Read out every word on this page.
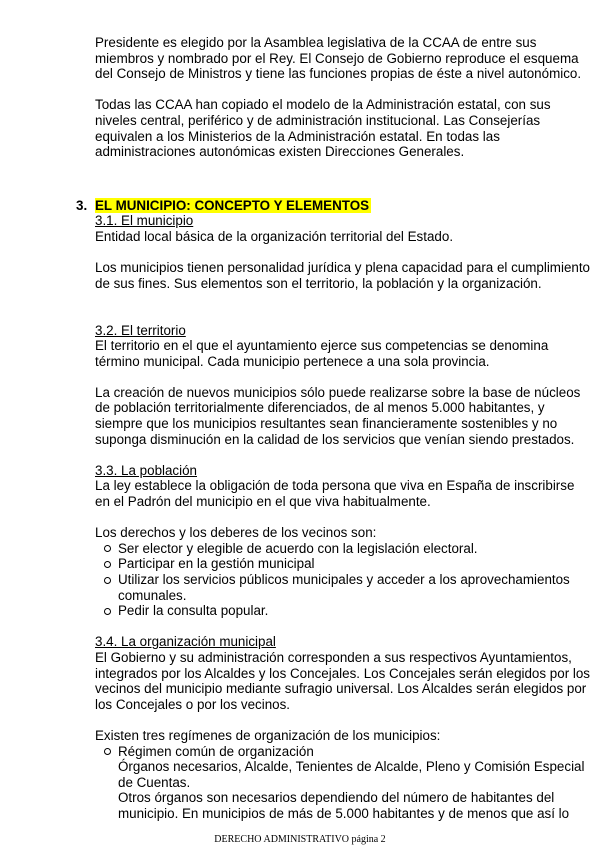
Presidente es elegido por la Asamblea legislativa de la CCAA de entre sus miembros y nombrado por el Rey. El Consejo de Gobierno reproduce el esquema del Consejo de Ministros y tiene las funciones propias de éste a nivel autonómico.

Todas las CCAA han copiado el modelo de la Administración estatal, con sus niveles central, periférico y de administración institucional. Las Consejerías equivalen a los Ministerios de la Administración estatal. En todas las administraciones autonómicas existen Direcciones Generales.

3. EL MUNICIPIO: CONCEPTO Y ELEMENTOS

3.1. El municipio

Entidad local básica de la organización territorial del Estado.

Los municipios tienen personalidad jurídica y plena capacidad para el cumplimiento de sus fines. Sus elementos son el territorio, la población y la organización.

3.2. El territorio

El territorio en el que el ayuntamiento ejerce sus competencias se denomina término municipal. Cada municipio pertenece a una sola provincia.

La creación de nuevos municipios sólo puede realizarse sobre la base de núcleos de población territorialmente diferenciados, de al menos 5.000 habitantes, y siempre que los municipios resultantes sean financieramente sostenibles y no suponga disminución en la calidad de los servicios que venían siendo prestados.

3.3. La población

La ley establece la obligación de toda persona que viva en España de inscribirse en el Padrón del municipio en el que viva habitualmente.

Los derechos y los deberes de los vecinos son:

Ser elector y elegible de acuerdo con la legislación electoral.
Participar en la gestión municipal
Utilizar los servicios públicos municipales y acceder a los aprovechamientos comunales.
Pedir la consulta popular.

3.4. La organización municipal

El Gobierno y su administración corresponden a sus respectivos Ayuntamientos, integrados por los Alcaldes y los Concejales. Los Concejales serán elegidos por los vecinos del municipio mediante sufragio universal. Los Alcaldes serán elegidos por los Concejales o por los vecinos.

Existen tres regímenes de organización de los municipios:

Régimen común de organización
Órganos necesarios, Alcalde, Tenientes de Alcalde, Pleno y Comisión Especial de Cuentas.
Otros órganos son necesarios dependiendo del número de habitantes del municipio. En municipios de más de 5.000 habitantes y de menos que así lo
DERECHO ADMINISTRATIVO página 2
